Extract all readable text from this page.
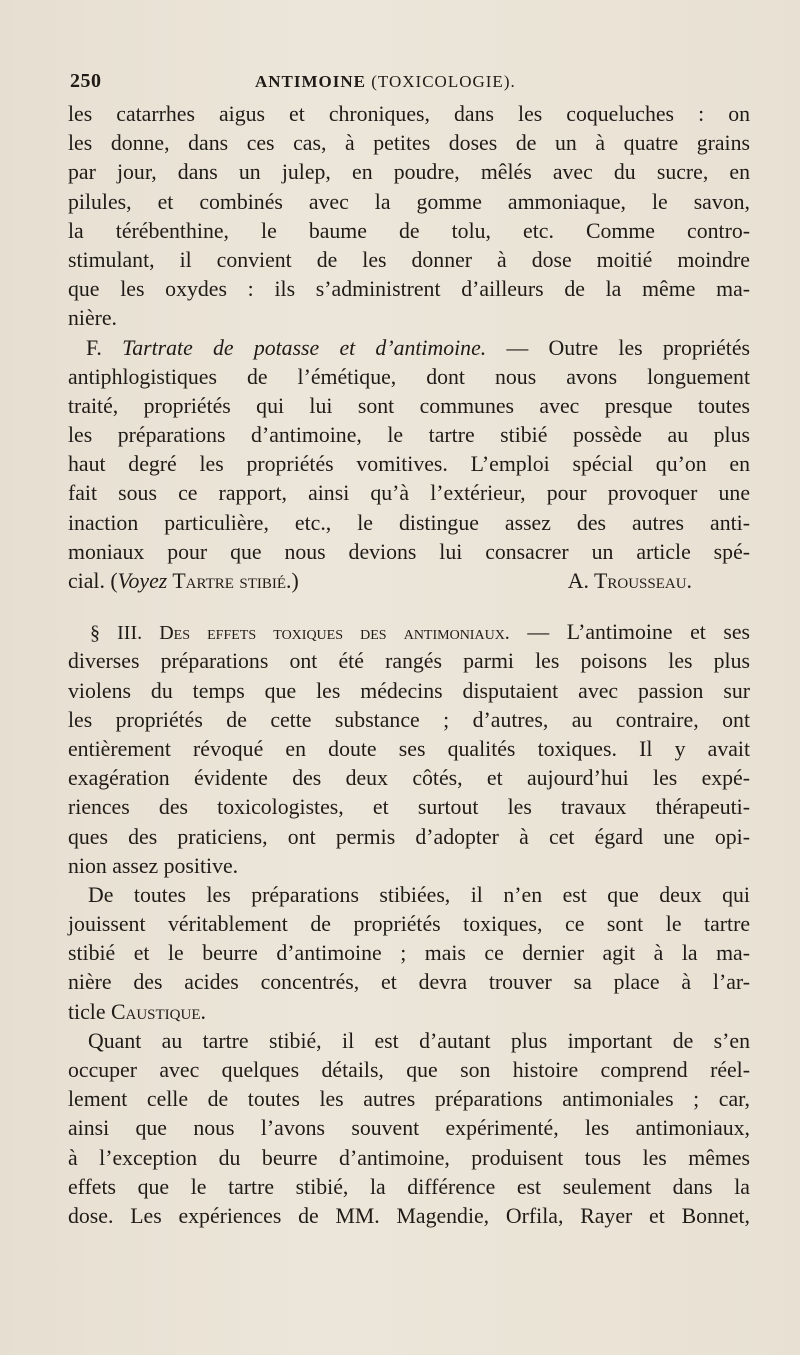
250	ANTIMOINE (TOXICOLOGIE).
les catarrhes aigus et chroniques, dans les coqueluches : on
les donne, dans ces cas, à petites doses de un à quatre grains
par jour, dans un julep, en poudre, mêlés avec du sucre, en
pilules, et combinés avec la gomme ammoniaque, le savon,
la térébenthine, le baume de tolu, etc. Comme contro-
stimulant, il convient de les donner à dose moitié moindre
que les oxydes : ils s’administrent d’ailleurs de la même ma-
nière.
F. Tartrate de potasse et d’antimoine. — Outre les propriétés
antiphlogistiques de l’émétique, dont nous avons longuement
traité, propriétés qui lui sont communes avec presque toutes
les préparations d’antimoine, le tartre stibié possède au plus
haut degré les propriétés vomitives. L’emploi spécial qu’on en
fait sous ce rapport, ainsi qu’à l’extérieur, pour provoquer une
inaction particulière, etc., le distingue assez des autres anti-
moniaux pour que nous devions lui consacrer un article spé-
cial. (Voyez Tartre stibié.)	A. Trousseau.
§ III. Des effets toxiques des antimoniaux. — L’antimoine et ses
diverses préparations ont été rangés parmi les poisons les plus
violens du temps que les médecins disputaient avec passion sur
les propriétés de cette substance ; d’autres, au contraire, ont
entièrement révoqué en doute ses qualités toxiques. Il y avait
exagération évidente des deux côtés, et aujourd’hui les expé-
riences des toxicologistes, et surtout les travaux thérapeuti-
ques des praticiens, ont permis d’adopter à cet égard une opi-
nion assez positive.
De toutes les préparations stibiées, il n’en est que deux qui
jouissent véritablement de propriétés toxiques, ce sont le tartre
stibié et le beurre d’antimoine ; mais ce dernier agit à la ma-
nière des acides concentrés, et devra trouver sa place à l’ar-
ticle Caustique.
Quant au tartre stibié, il est d’autant plus important de s’en
occuper avec quelques détails, que son histoire comprend réel-
lement celle de toutes les autres préparations antimoniales ; car,
ainsi que nous l’avons souvent expérimenté, les antimoniaux,
à l’exception du beurre d’antimoine, produisent tous les mêmes
effets que le tartre stibié, la différence est seulement dans la
dose. Les expériences de MM. Magendie, Orfila, Rayer et Bonnet,
